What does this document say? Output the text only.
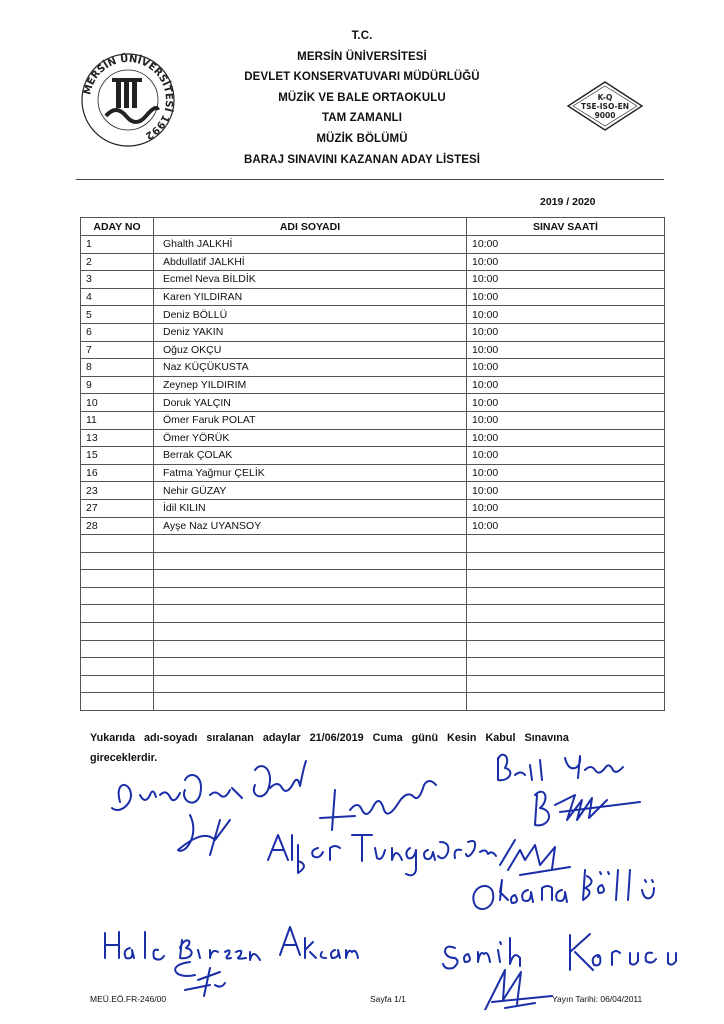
MERSİN ÜNİVERSİTESİ 1992
T.C.
MERSİN ÜNİVERSİTESİ
DEVLET KONSERVATUVARI MÜDÜRLÜĞÜ
MÜZİK VE BALE ORTAOKULU
TAM ZAMANLI
MÜZİK BÖLÜMÜ
BARAJ SINAVINI KAZANAN ADAY LİSTESİ
K-Q
TSE-ISO-EN
9000
2019 / 2020
ADAY NO	ADI SOYADI	SINAV SAATİ
1	Ghalth JALKHİ	10:00
2	Abdullatif JALKHİ	10:00
3	Ecmel Neva BİLDİK	10:00
4	Karen YILDIRAN	10:00
5	Deniz BÖLLÜ	10:00
6	Deniz YAKIN	10:00
7	Oğuz OKÇU	10:00
8	Naz KÜÇÜKUSTA	10:00
9	Zeynep YILDIRIM	10:00
10	Doruk YALÇIN	10:00
11	Ömer Faruk POLAT	10:00
13	Ömer YÖRÜK	10:00
15	Berrak ÇOLAK	10:00
16	Fatma Yağmur ÇELİK	10:00
23	Nehir GÜZAY	10:00
27	İdil KILIN	10:00
28	Ayşe Naz UYANSOY	10:00

Yukarıda adı-soyadı sıralanan adaylar 21/06/2019 Cuma günü Kesin Kabul Sınavına
gireceklerdir.
MEÜ.EÖ.FR-246/00	Sayfa 1/1	Yayın Tarihi: 06/04/2011
